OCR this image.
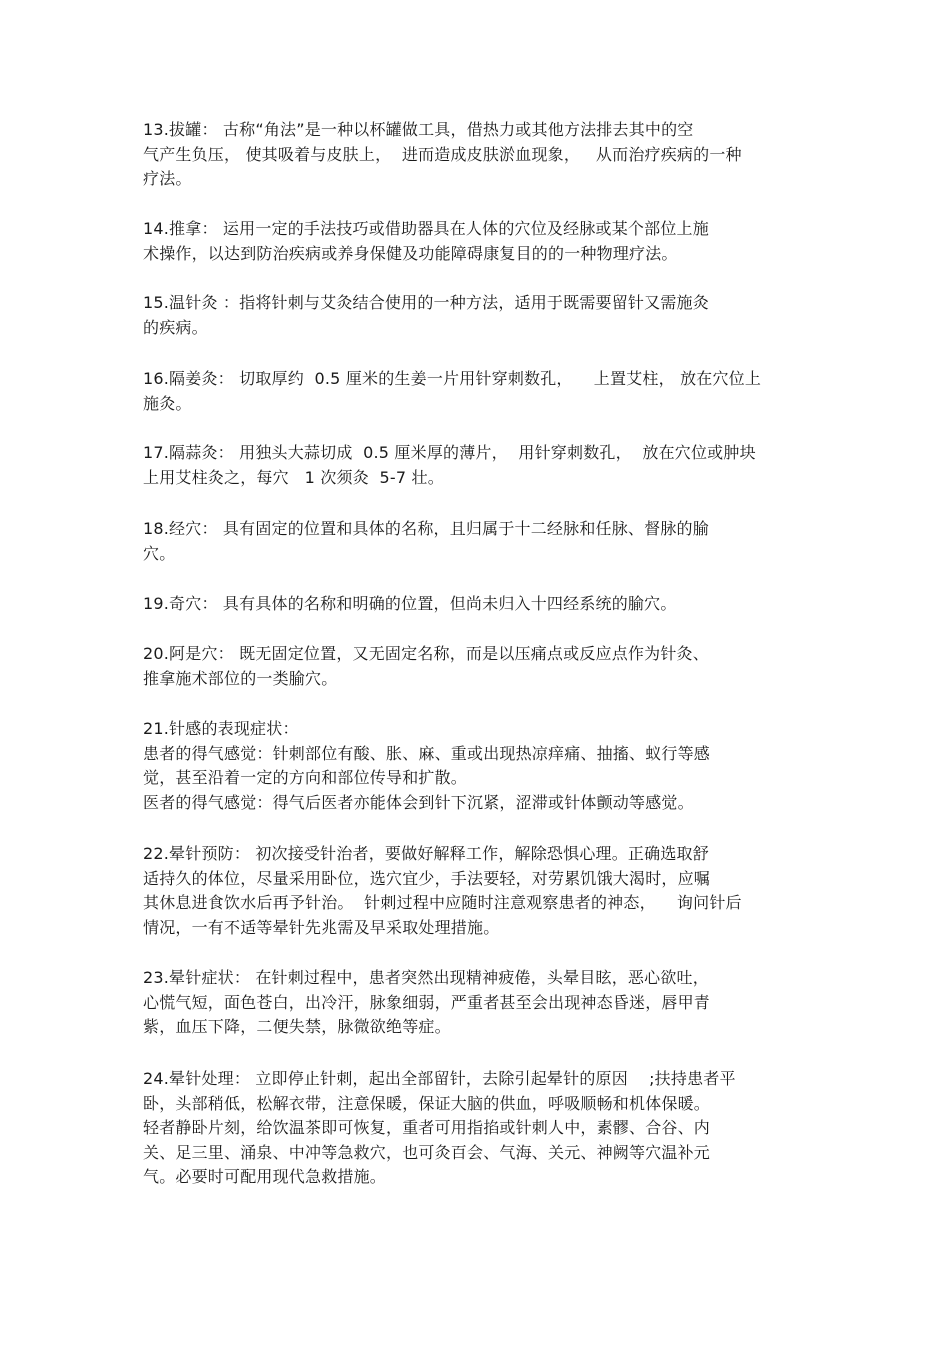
13.拔罐： 古称“角法”是一种以杯罐做工具，借热力或其他方法排去其中的空
气产生负压， 使其吸着与皮肤上，  进而造成皮肤淤血现象，   从而治疗疾病的一种
疗法。
14.推拿： 运用一定的手法技巧或借助器具在人体的穴位及经脉或某个部位上施
术操作，以达到防治疾病或养身保健及功能障碍康复目的的一种物理疗法。
15.温针灸 ：指将针刺与艾灸结合使用的一种方法，适用于既需要留针又需施灸
的疾病。
16.隔姜灸： 切取厚约  0.5 厘米的生姜一片用针穿刺数孔，    上置艾柱， 放在穴位上
施灸。
17.隔蒜灸： 用独头大蒜切成  0.5 厘米厚的薄片，  用针穿刺数孔，  放在穴位或肿块
上用艾柱灸之，每穴   1 次须灸  5-7 壮。
18.经穴： 具有固定的位置和具体的名称，且归属于十二经脉和任脉、督脉的腧
穴。
19.奇穴： 具有具体的名称和明确的位置，但尚未归入十四经系统的腧穴。
20.阿是穴： 既无固定位置，又无固定名称，而是以压痛点或反应点作为针灸、
推拿施术部位的一类腧穴。
21.针感的表现症状：
患者的得气感觉：针刺部位有酸、胀、麻、重或出现热凉痒痛、抽搐、蚁行等感
觉，甚至沿着一定的方向和部位传导和扩散。
医者的得气感觉：得气后医者亦能体会到针下沉紧，涩滞或针体颤动等感觉。
22.晕针预防： 初次接受针治者，要做好解释工作，解除恐惧心理。正确选取舒
适持久的体位，尽量采用卧位，选穴宜少，手法要轻，对劳累饥饿大渴时，应嘱
其休息进食饮水后再予针治。  针刺过程中应随时注意观察患者的神态，    询问针后
情况，一有不适等晕针先兆需及早采取处理措施。
23.晕针症状： 在针刺过程中，患者突然出现精神疲倦，头晕目眩，恶心欲吐，
心慌气短，面色苍白，出冷汗，脉象细弱，严重者甚至会出现神态昏迷，唇甲青
紫，血压下降，二便失禁，脉微欲绝等症。
24.晕针处理： 立即停止针刺，起出全部留针，去除引起晕针的原因    ;扶持患者平
卧，头部稍低，松解衣带，注意保暖，保证大脑的供血，呼吸顺畅和机体保暖。
轻者静卧片刻，给饮温茶即可恢复，重者可用指掐或针刺人中，素髎、合谷、内
关、足三里、涌泉、中冲等急救穴，也可灸百会、气海、关元、神阙等穴温补元
气。必要时可配用现代急救措施。
